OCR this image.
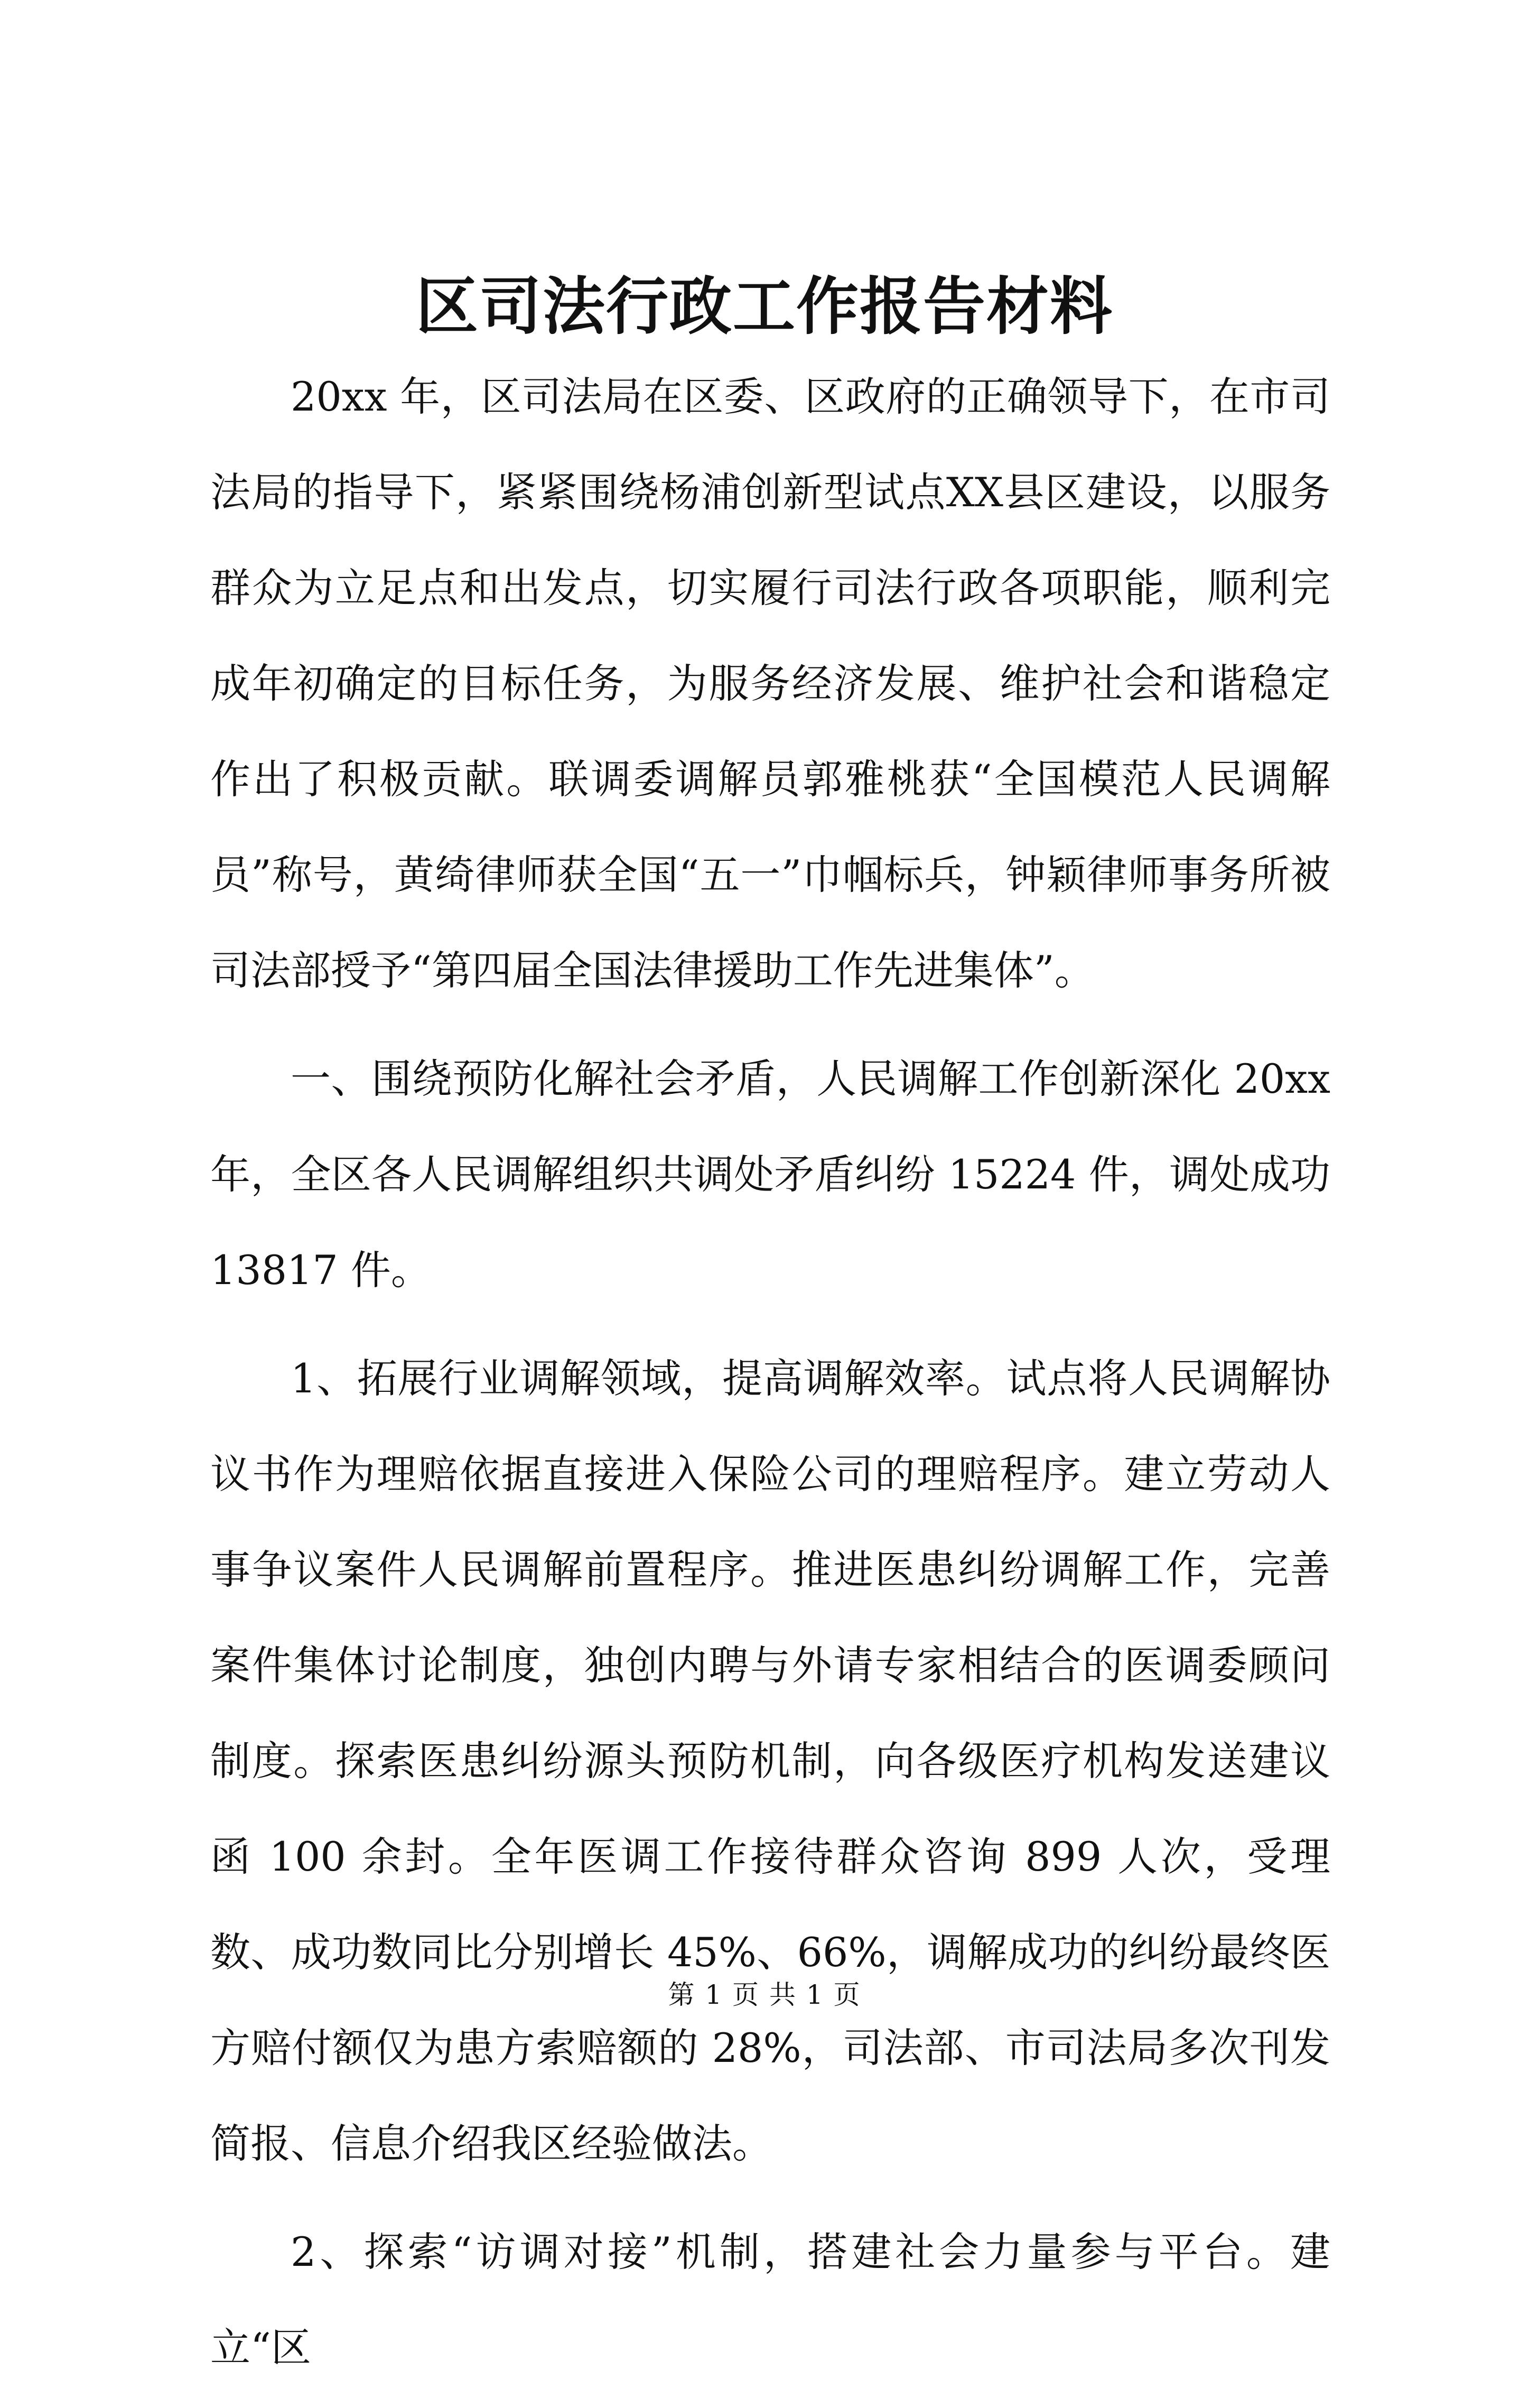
区司法行政工作报告材料

20xx 年，区司法局在区委、区政府的正确领导下，在市司法局的指导下，紧紧围绕杨浦创新型试点XX县区建设，以服务群众为立足点和出发点，切实履行司法行政各项职能，顺利完成年初确定的目标任务，为服务经济发展、维护社会和谐稳定作出了积极贡献。联调委调解员郭雅桃获“全国模范人民调解员”称号，黄绮律师获全国“五一”巾帼标兵，钟颖律师事务所被司法部授予“第四届全国法律援助工作先进集体”。

一、围绕预防化解社会矛盾，人民调解工作创新深化 20xx 年，全区各人民调解组织共调处矛盾纠纷 15224 件，调处成功 13817 件。

1、拓展行业调解领域，提高调解效率。试点将人民调解协议书作为理赔依据直接进入保险公司的理赔程序。建立劳动人事争议案件人民调解前置程序。推进医患纠纷调解工作，完善案件集体讨论制度，独创内聘与外请专家相结合的医调委顾问制度。探索医患纠纷源头预防机制，向各级医疗机构发送建议函 100 余封。全年医调工作接待群众咨询 899 人次，受理数、成功数同比分别增长 45%、66%，调解成功的纠纷最终医方赔付额仅为患方索赔额的 28%，司法部、市司法局多次刊发简报、信息介绍我区经验做法。

2、探索“访调对接”机制，搭建社会力量参与平台。建立“区

第 1 页 共 1 页
